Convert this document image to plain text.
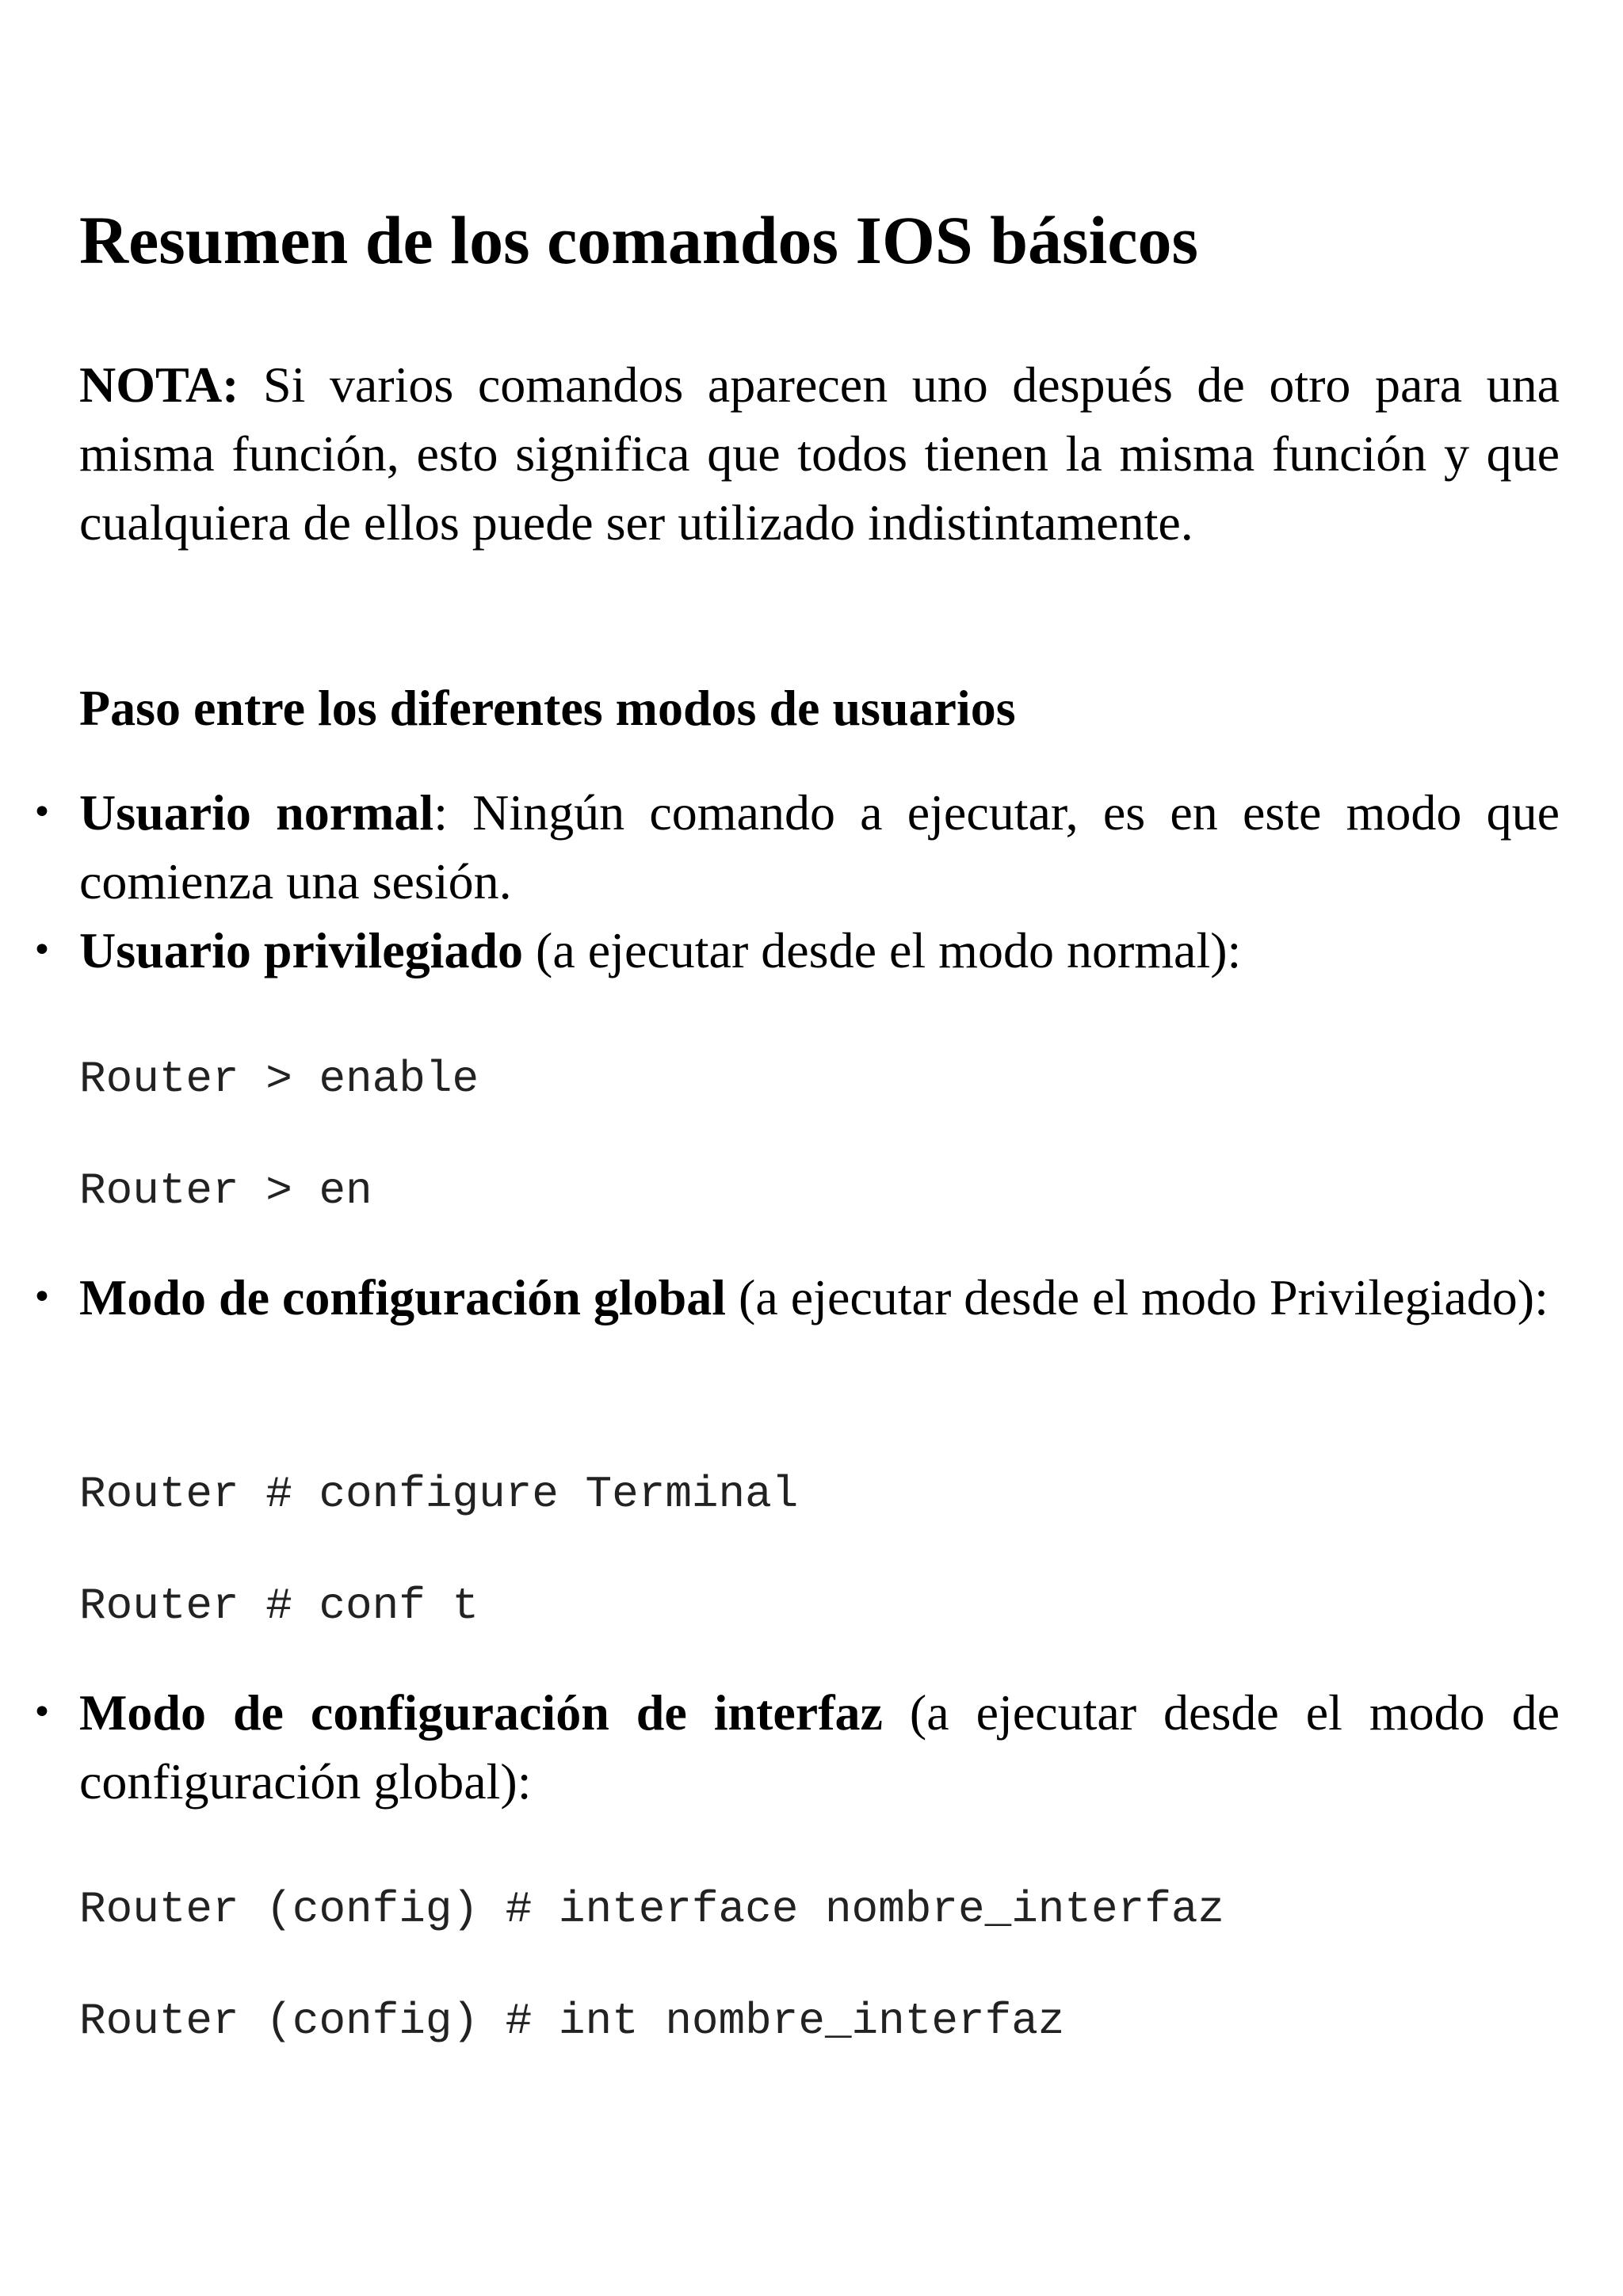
Resumen de los comandos IOS básicos

NOTA: Si varios comandos aparecen uno después de otro para una misma función, esto significa que todos tienen la misma función y que cualquiera de ellos puede ser utilizado indistintamente.

Paso entre los diferentes modos de usuarios
• Usuario normal: Ningún comando a ejecutar, es en este modo que comienza una sesión.
• Usuario privilegiado (a ejecutar desde el modo normal):
Router > enable
Router > en
• Modo de configuración global (a ejecutar desde el modo Privilegiado):
Router # configure Terminal
Router # conf t
• Modo de configuración de interfaz (a ejecutar desde el modo de configuración global):
Router (config) # interface nombre_interfaz
Router (config) # int nombre_interfaz
